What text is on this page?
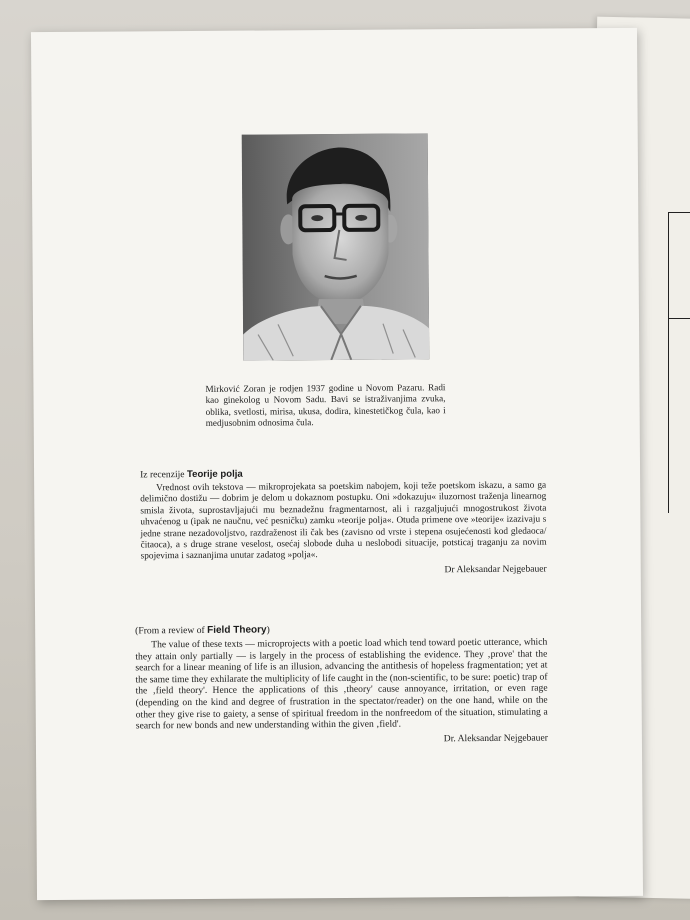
Mirković Zoran je rodjen 1937 godine u Novom Pazaru. Radi kao ginekolog u Novom Sadu. Bavi se istraživanjima zvuka, oblika, svetlosti, mirisa, ukusa, dodira, kinestetičkog čula, kao i medjusobnim odnosima čula.
Iz recenzije Teorije polja
Vrednost ovih tekstova — mikroprojekata sa poetskim nabojem, koji teže poetskom iskazu, a samo ga delimično dostižu — dobrim je delom u dokaznom postupku. Oni »dokazuju« iluzornost traženja linearnog smisla života, suprostavljajući mu beznadežnu fragmentarnost, ali i razgaljujući mnogostrukost života uhvaćenog u (ipak ne naučnu, već pesničku) zamku »teorije polja«. Otuda primene ove »teorije« izazivaju s jedne strane nezadovoljstvo, razdraženost ili čak bes (zavisno od vrste i stepena osujećenosti kod gledaoca/čitaoca), a s druge strane veselost, osećaj slobode duha u neslobodi situacije, potsticaj traganju za novim spojevima i saznanjima unutar zadatog »polja«.
Dr Aleksandar Nejgebauer
(From a review of Field Theory)
The value of these texts — microprojects with a poetic load which tend toward poetic utterance, which they attain only partially — is largely in the process of establishing the evidence. They ‚prove' that the search for a linear meaning of life is an illusion, advancing the antithesis of hopeless fragmentation; yet at the same time they exhilarate the multiplicity of life caught in the (non-scientific, to be sure: poetic) trap of the ‚field theory'. Hence the applications of this ‚theory' cause annoyance, irritation, or even rage (depending on the kind and degree of frustration in the spectator/reader) on the one hand, while on the other they give rise to gaiety, a sense of spiritual freedom in the nonfreedom of the situation, stimulating a search for new bonds and new understanding within the given ‚field'.
Dr. Aleksandar Nejgebauer
